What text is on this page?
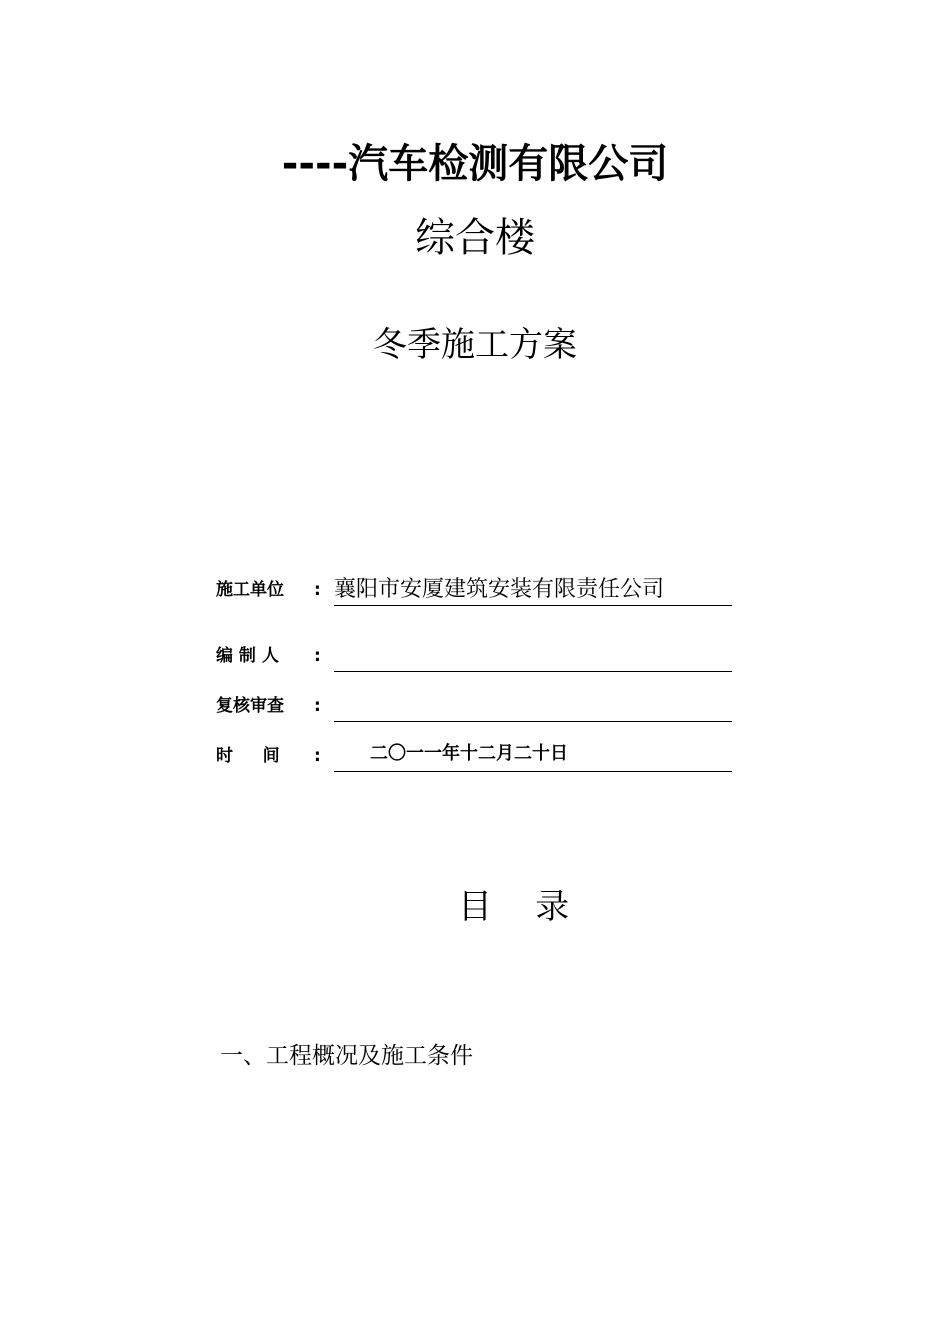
----汽车检测有限公司
综合楼
冬季施工方案
施工单位 : 襄阳市安厦建筑安装有限责任公司
编 制 人 :
复核审查 :
时     间 :	二〇一一年十二月二十日
目    录
一、工程概况及施工条件
